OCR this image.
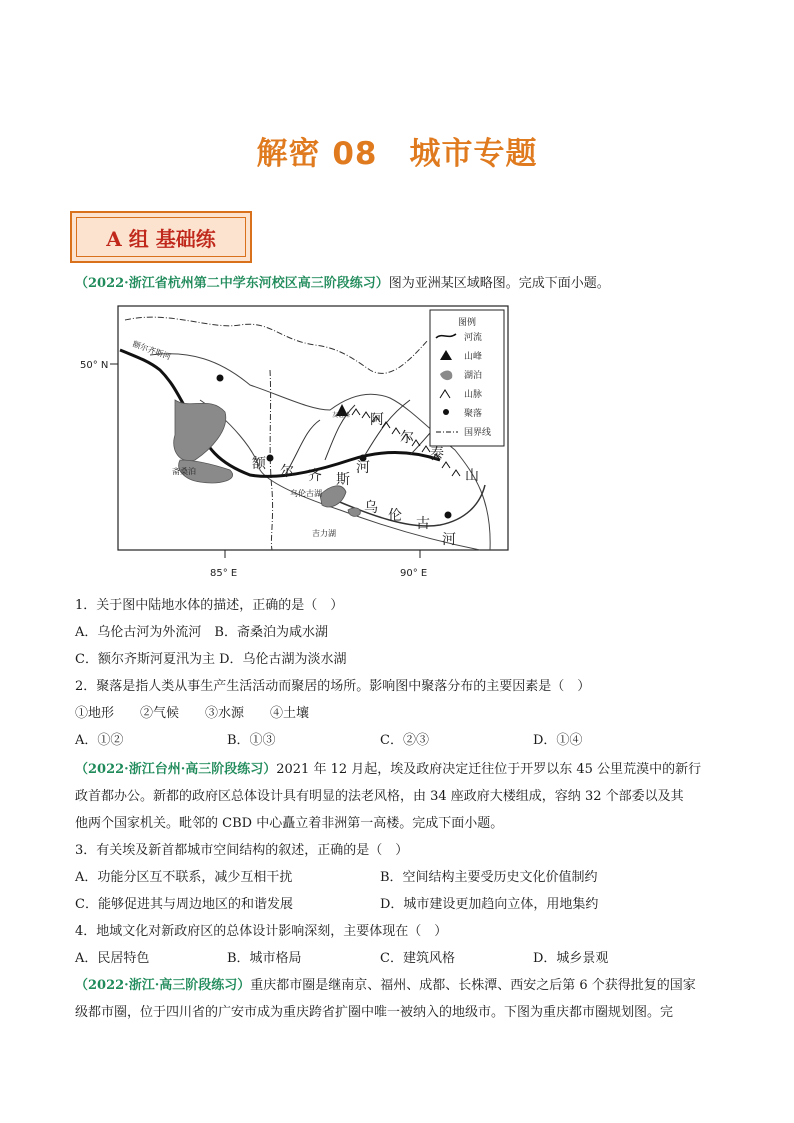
解密 08　城市专题
A 组 基础练
（2022·浙江省杭州第二中学东河校区高三阶段练习）图为亚洲某区域略图。完成下面小题。
图例
河流
山峰
湖泊
山脉
聚落
国界线
50° N
85° E	90° E
额尔齐斯河
斋桑泊
乌伦古湖
吉力湖
友谊峰
额 尔 齐 斯
河
阿
尔
泰
山
乌 伦 古
河
1．关于图中陆地水体的描述，正确的是（　）
A．乌伦古河为外流河　B．斋桑泊为咸水湖
C．额尔齐斯河夏汛为主 D．乌伦古湖为淡水湖
2．聚落是指人类从事生产生活活动而聚居的场所。影响图中聚落分布的主要因素是（　）
①地形　　②气候　　③水源　　④土壤
A．①②	B．①③	C．②③	D．①④
（2022·浙江台州·高三阶段练习）2021 年 12 月起，埃及政府决定迁往位于开罗以东 45 公里荒漠中的新行
政首都办公。新都的政府区总体设计具有明显的法老风格，由 34 座政府大楼组成，容纳 32 个部委以及其
他两个国家机关。毗邻的 CBD 中心矗立着非洲第一高楼。完成下面小题。
3．有关埃及新首都城市空间结构的叙述，正确的是（　）
A．功能分区互不联系，减少互相干扰	B．空间结构主要受历史文化价值制约
C．能够促进其与周边地区的和谐发展	D．城市建设更加趋向立体，用地集约
4．地域文化对新政府区的总体设计影响深刻，主要体现在（　）
A．民居特色	B．城市格局	C．建筑风格	D．城乡景观
（2022·浙江·高三阶段练习）重庆都市圈是继南京、福州、成都、长株潭、西安之后第 6 个获得批复的国家
级都市圈，位于四川省的广安市成为重庆跨省扩圈中唯一被纳入的地级市。下图为重庆都市圈规划图。完
